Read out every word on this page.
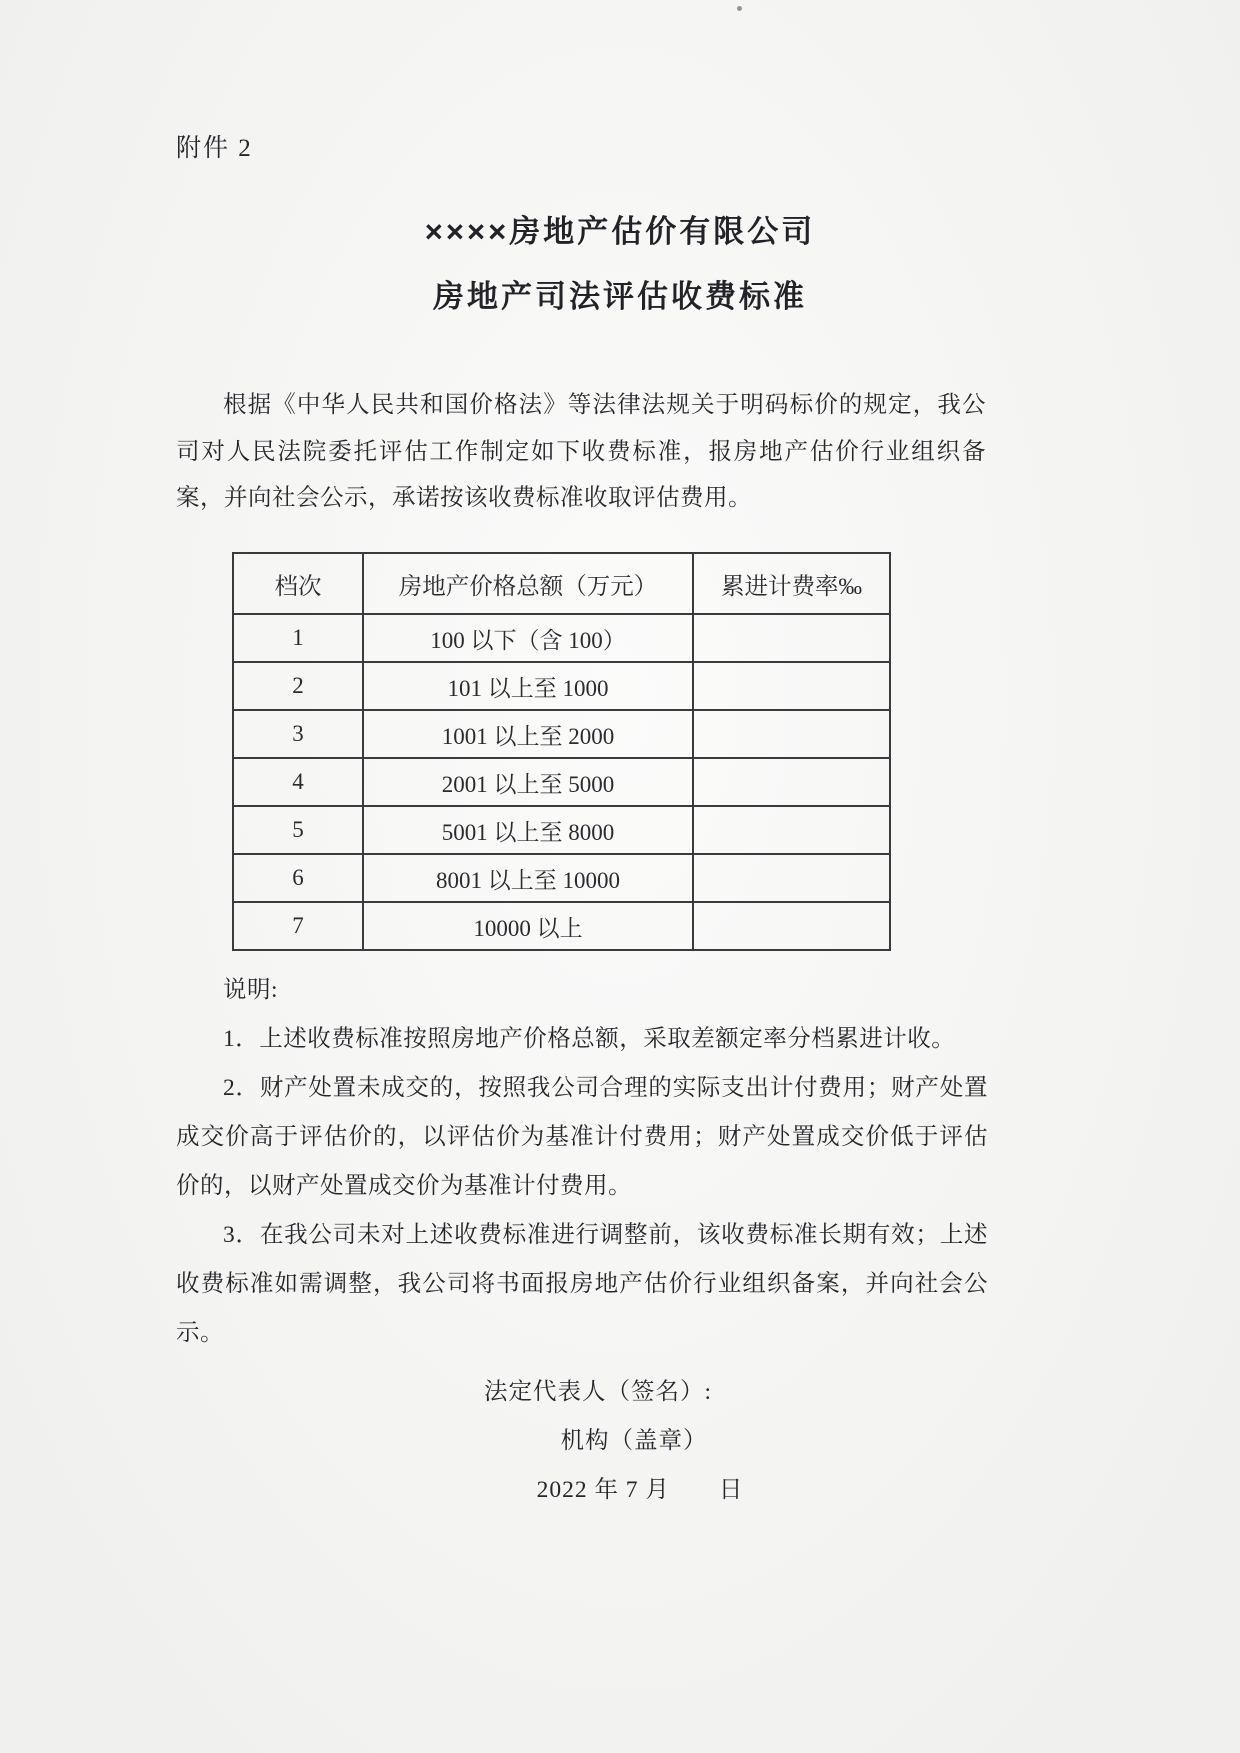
附件 2
××××房地产估价有限公司
房地产司法评估收费标准
根据《中华人民共和国价格法》等法律法规关于明码标价的规定，我公司对人民法院委托评估工作制定如下收费标准，报房地产估价行业组织备案，并向社会公示，承诺按该收费标准收取评估费用。
档次	房地产价格总额（万元）	累进计费率‰
1	100 以下（含 100）	
2	101 以上至 1000	
3	1001 以上至 2000	
4	2001 以上至 5000	
5	5001 以上至 8000	
6	8001 以上至 10000	
7	10000 以上	

说明:

1．上述收费标准按照房地产价格总额，采取差额定率分档累进计收。

2．财产处置未成交的，按照我公司合理的实际支出计付费用；财产处置成交价高于评估价的，以评估价为基准计付费用；财产处置成交价低于评估价的，以财产处置成交价为基准计付费用。

3．在我公司未对上述收费标准进行调整前，该收费标准长期有效；上述收费标准如需调整，我公司将书面报房地产估价行业组织备案，并向社会公示。

法定代表人（签名）:
机构（盖章）
2022 年 7 月　　日
